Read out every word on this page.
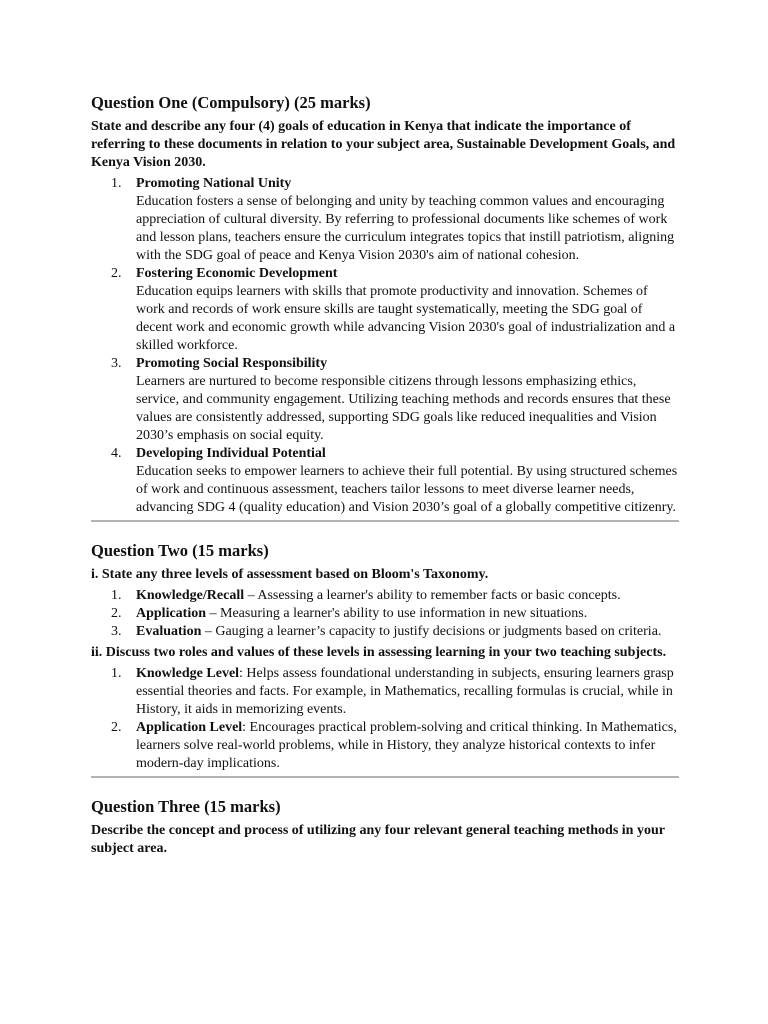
Question One (Compulsory) (25 marks)

State and describe any four (4) goals of education in Kenya that indicate the importance of referring to these documents in relation to your subject area, Sustainable Development Goals, and Kenya Vision 2030.

1.	Promoting National Unity
Education fosters a sense of belonging and unity by teaching common values and encouraging appreciation of cultural diversity. By referring to professional documents like schemes of work and lesson plans, teachers ensure the curriculum integrates topics that instill patriotism, aligning with the SDG goal of peace and Kenya Vision 2030's aim of national cohesion.
2.	Fostering Economic Development
Education equips learners with skills that promote productivity and innovation. Schemes of work and records of work ensure skills are taught systematically, meeting the SDG goal of decent work and economic growth while advancing Vision 2030's goal of industrialization and a skilled workforce.
3.	Promoting Social Responsibility
Learners are nurtured to become responsible citizens through lessons emphasizing ethics, service, and community engagement. Utilizing teaching methods and records ensures that these values are consistently addressed, supporting SDG goals like reduced inequalities and Vision 2030’s emphasis on social equity.
4.	Developing Individual Potential
Education seeks to empower learners to achieve their full potential. By using structured schemes of work and continuous assessment, teachers tailor lessons to meet diverse learner needs, advancing SDG 4 (quality education) and Vision 2030’s goal of a globally competitive citizenry.
Question Two (15 marks)

i. State any three levels of assessment based on Bloom's Taxonomy.

1.	Knowledge/Recall – Assessing a learner's ability to remember facts or basic concepts.
2.	Application – Measuring a learner's ability to use information in new situations.
3.	Evaluation – Gauging a learner’s capacity to justify decisions or judgments based on criteria.

ii. Discuss two roles and values of these levels in assessing learning in your two teaching subjects.

1.	Knowledge Level: Helps assess foundational understanding in subjects, ensuring learners grasp essential theories and facts. For example, in Mathematics, recalling formulas is crucial, while in History, it aids in memorizing events.
2.	Application Level: Encourages practical problem-solving and critical thinking. In Mathematics, learners solve real-world problems, while in History, they analyze historical contexts to infer modern-day implications.
Question Three (15 marks)

Describe the concept and process of utilizing any four relevant general teaching methods in your subject area.
